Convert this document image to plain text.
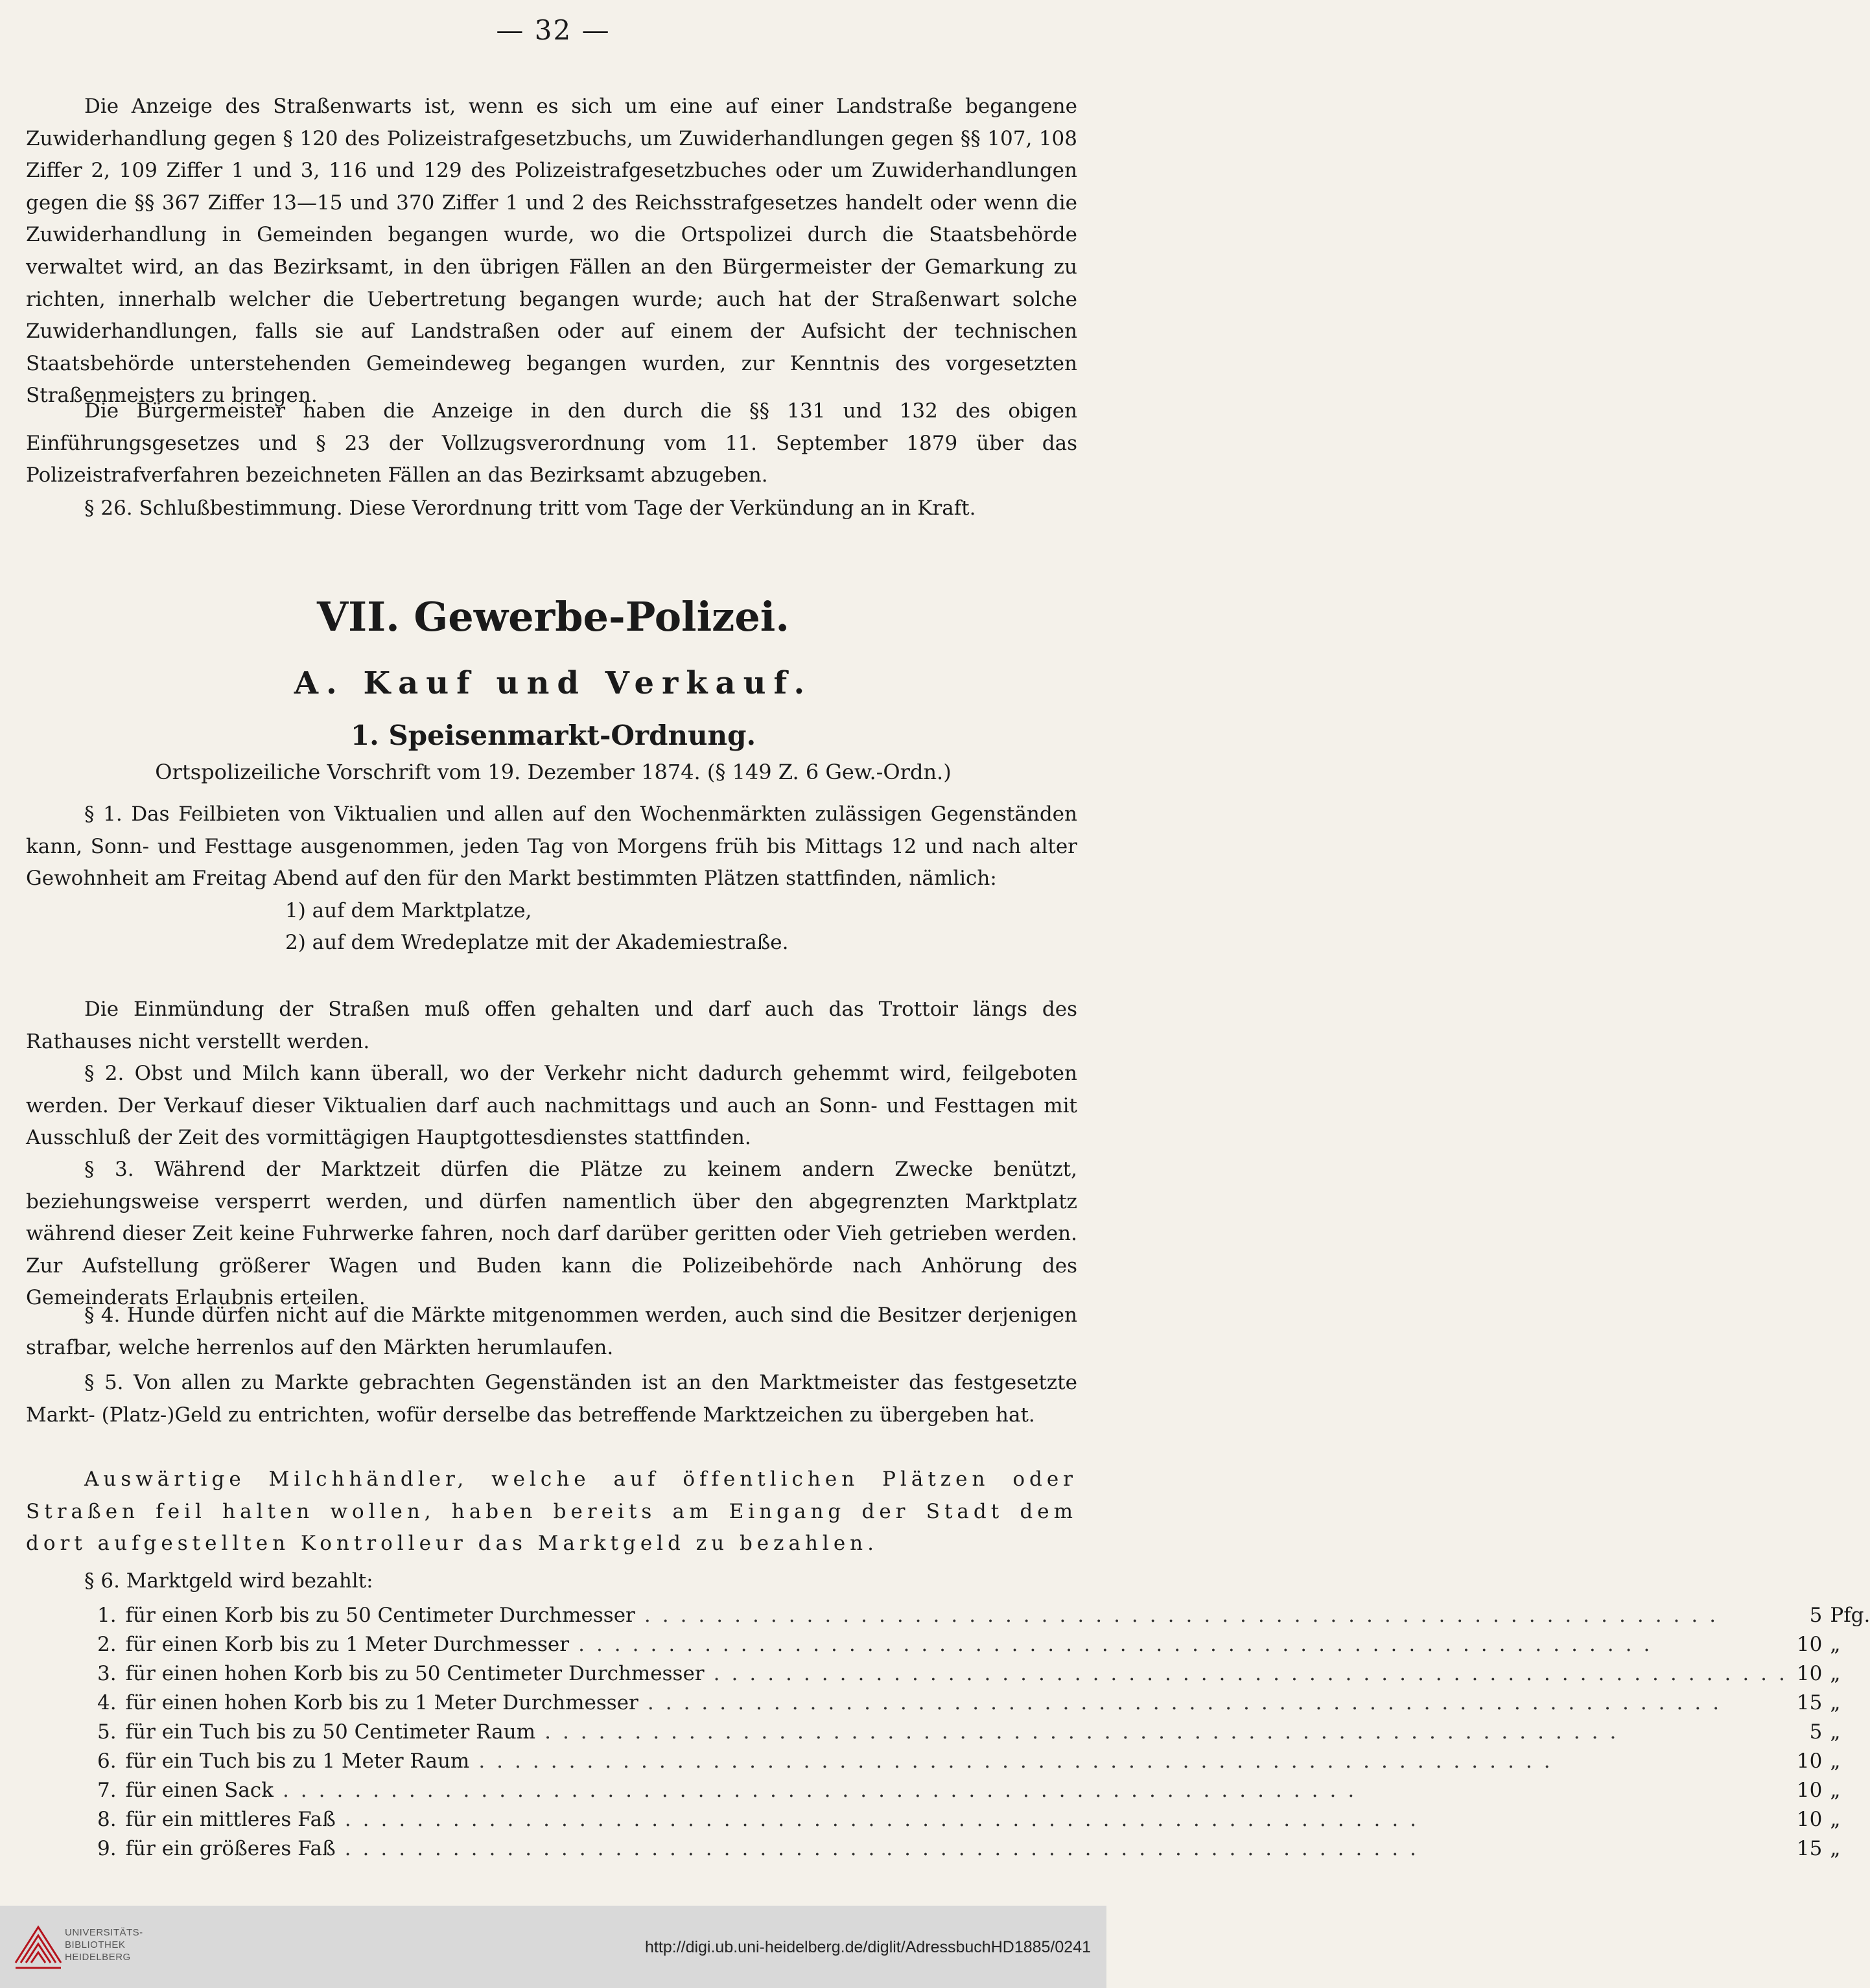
— 32 —

Die Anzeige des Straßenwarts ist, wenn es sich um eine auf einer Landstraße begangene Zuwiderhandlung gegen § 120 des Polizeistrafgesetzbuchs, um Zuwiderhandlungen gegen §§ 107, 108 Ziffer 2, 109 Ziffer 1 und 3, 116 und 129 des Polizeistrafgesetzbuches oder um Zuwiderhandlungen gegen die §§ 367 Ziffer 13—15 und 370 Ziffer 1 und 2 des Reichsstrafgesetzes handelt oder wenn die Zuwiderhandlung in Gemeinden begangen wurde, wo die Ortspolizei durch die Staatsbehörde verwaltet wird, an das Bezirksamt, in den übrigen Fällen an den Bürgermeister der Gemarkung zu richten, innerhalb welcher die Uebertretung begangen wurde; auch hat der Straßenwart solche Zuwiderhandlungen, falls sie auf Landstraßen oder auf einem der Aufsicht der technischen Staatsbehörde unterstehenden Gemeindeweg begangen wurden, zur Kenntnis des vorgesetzten Straßenmeisters zu bringen.

Die Bürgermeister haben die Anzeige in den durch die §§ 131 und 132 des obigen Einführungsgesetzes und § 23 der Vollzugsverordnung vom 11. September 1879 über das Polizeistrafverfahren bezeichneten Fällen an das Bezirksamt abzugeben.

§ 26. Schlußbestimmung. Diese Verordnung tritt vom Tage der Verkündung an in Kraft.

VII. Gewerbe-Polizei.
A. Kauf und Verkauf.
1. Speisenmarkt-Ordnung.
Ortspolizeiliche Vorschrift vom 19. Dezember 1874. (§ 149 Z. 6 Gew.-Ordn.)

§ 1. Das Feilbieten von Viktualien und allen auf den Wochenmärkten zulässigen Gegenständen kann, Sonn- und Festtage ausgenommen, jeden Tag von Morgens früh bis Mittags 12 und nach alter Gewohnheit am Freitag Abend auf den für den Markt bestimmten Plätzen stattfinden, nämlich:

1) auf dem Marktplatze,
2) auf dem Wredeplatze mit der Akademiestraße.

Die Einmündung der Straßen muß offen gehalten und darf auch das Trottoir längs des Rathauses nicht verstellt werden.

§ 2. Obst und Milch kann überall, wo der Verkehr nicht dadurch gehemmt wird, feilgeboten werden. Der Verkauf dieser Viktualien darf auch nachmittags und auch an Sonn- und Festtagen mit Ausschluß der Zeit des vormittägigen Hauptgottesdienstes stattfinden.

§ 3. Während der Marktzeit dürfen die Plätze zu keinem andern Zwecke benützt, beziehungsweise versperrt werden, und dürfen namentlich über den abgegrenzten Marktplatz während dieser Zeit keine Fuhrwerke fahren, noch darf darüber geritten oder Vieh getrieben werden. Zur Aufstellung größerer Wagen und Buden kann die Polizeibehörde nach Anhörung des Gemeinderats Erlaubnis erteilen.

§ 4. Hunde dürfen nicht auf die Märkte mitgenommen werden, auch sind die Besitzer derjenigen strafbar, welche herrenlos auf den Märkten herumlaufen.

§ 5. Von allen zu Markte gebrachten Gegenständen ist an den Marktmeister das festgesetzte Markt- (Platz-)Geld zu entrichten, wofür derselbe das betreffende Marktzeichen zu übergeben hat.

Auswärtige Milchhändler, welche auf öffentlichen Plätzen oder Straßen feil halten wollen, haben bereits am Eingang der Stadt dem dort aufgestellten Kontrolleur das Marktgeld zu bezahlen.

§ 6. Marktgeld wird bezahlt:

1.	für einen Korb bis zu 50 Centimeter Durchmesser ............................................................	5	Pfg.
2.	für einen Korb bis zu 1 Meter Durchmesser ............................................................	10	„
3.	für einen hohen Korb bis zu 50 Centimeter Durchmesser ............................................................	10	„
4.	für einen hohen Korb bis zu 1 Meter Durchmesser ............................................................	15	„
5.	für ein Tuch bis zu 50 Centimeter Raum ............................................................	5	„
6.	für ein Tuch bis zu 1 Meter Raum ............................................................	10	„
7.	für einen Sack ............................................................	10	„
8.	für ein mittleres Faß ............................................................	10	„
9.	für ein größeres Faß ............................................................	15	„
UNIVERSITÄTS-
BIBLIOTHEK
HEIDELBERG
http://digi.ub.uni-heidelberg.de/diglit/AdressbuchHD1885/0241
